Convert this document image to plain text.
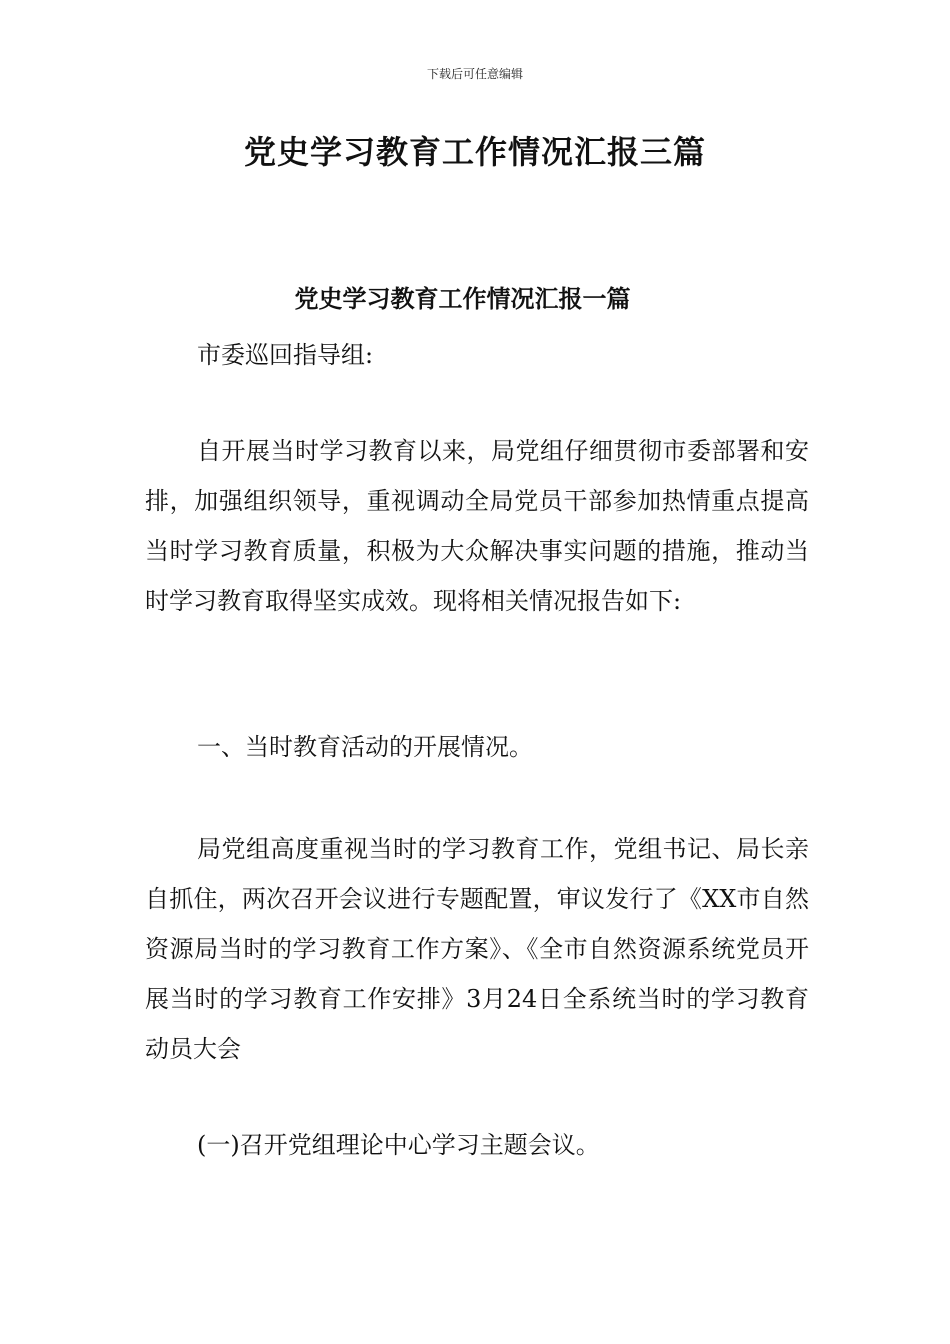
下载后可任意编辑
党史学习教育工作情况汇报三篇
党史学习教育工作情况汇报一篇

市委巡回指导组:

自开展当时学习教育以来，局党组仔细贯彻市委部署和安排，加强组织领导，重视调动全局党员干部参加热情重点提高当时学习教育质量，积极为大众解决事实问题的措施，推动当时学习教育取得坚实成效。现将相关情况报告如下:

一、当时教育活动的开展情况。

局党组高度重视当时的学习教育工作，党组书记、局长亲自抓住，两次召开会议进行专题配置，审议发行了《XX市自然资源局当时的学习教育工作方案》、《全市自然资源系统党员开展当时的学习教育工作安排》3月24日全系统当时的学习教育动员大会

(一)召开党组理论中心学习主题会议。
